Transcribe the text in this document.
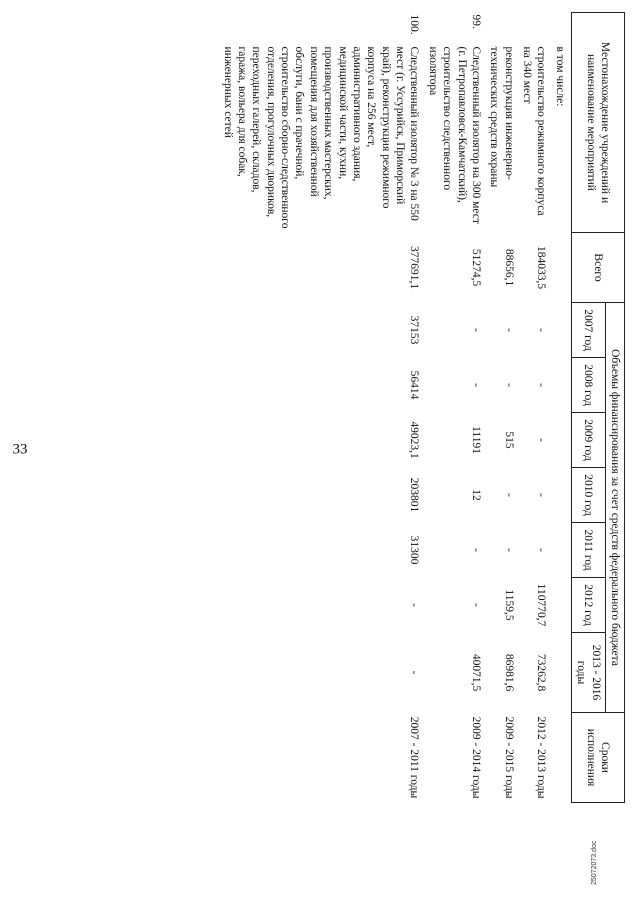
33
Местонахождение учреждений и наименование мероприятий		Всего	Объемы финансирования за счет средств федерального бюджета							Сроки исполнения
			2007 год	2008 год	2009 год	2010 год	2011 год	2012 год	2013 - 2016 годы	
	в том числе:									
	строительство режимного корпуса на 340 мест	184033,5	-	-	-	-	-	110770,7	73262,8	2012 - 2013 годы
	реконструкция инженерно-технических средств охраны	88656,1	-	-	515	-	-	1159,5	86981,6	2009 - 2015 годы
99.	Следственный изолятор на 300 мест (г. Петропавловск-Камчатский), строительство следственного изолятора	51274,5	-	-	11191	12	-	-	40071,5	2009 - 2014 годы
100.	Следственный изолятор № 3 на 550 мест (г. Уссурийск, Приморский край), реконструкция режимного корпуса на 256 мест, административного здания, медицинской части, кухни, производственных мастерских, помещения для хозяйственной обслуги, бани с прачечной, строительство сборно-следственного отделения, прогулочных двориков, переходных галерей, складов, гаража, вольера для собак, инженерных сетей	377691,1	37153	56414	49023,1	203801	31300	-	-	2007 - 2011 годы
25072073.doc
